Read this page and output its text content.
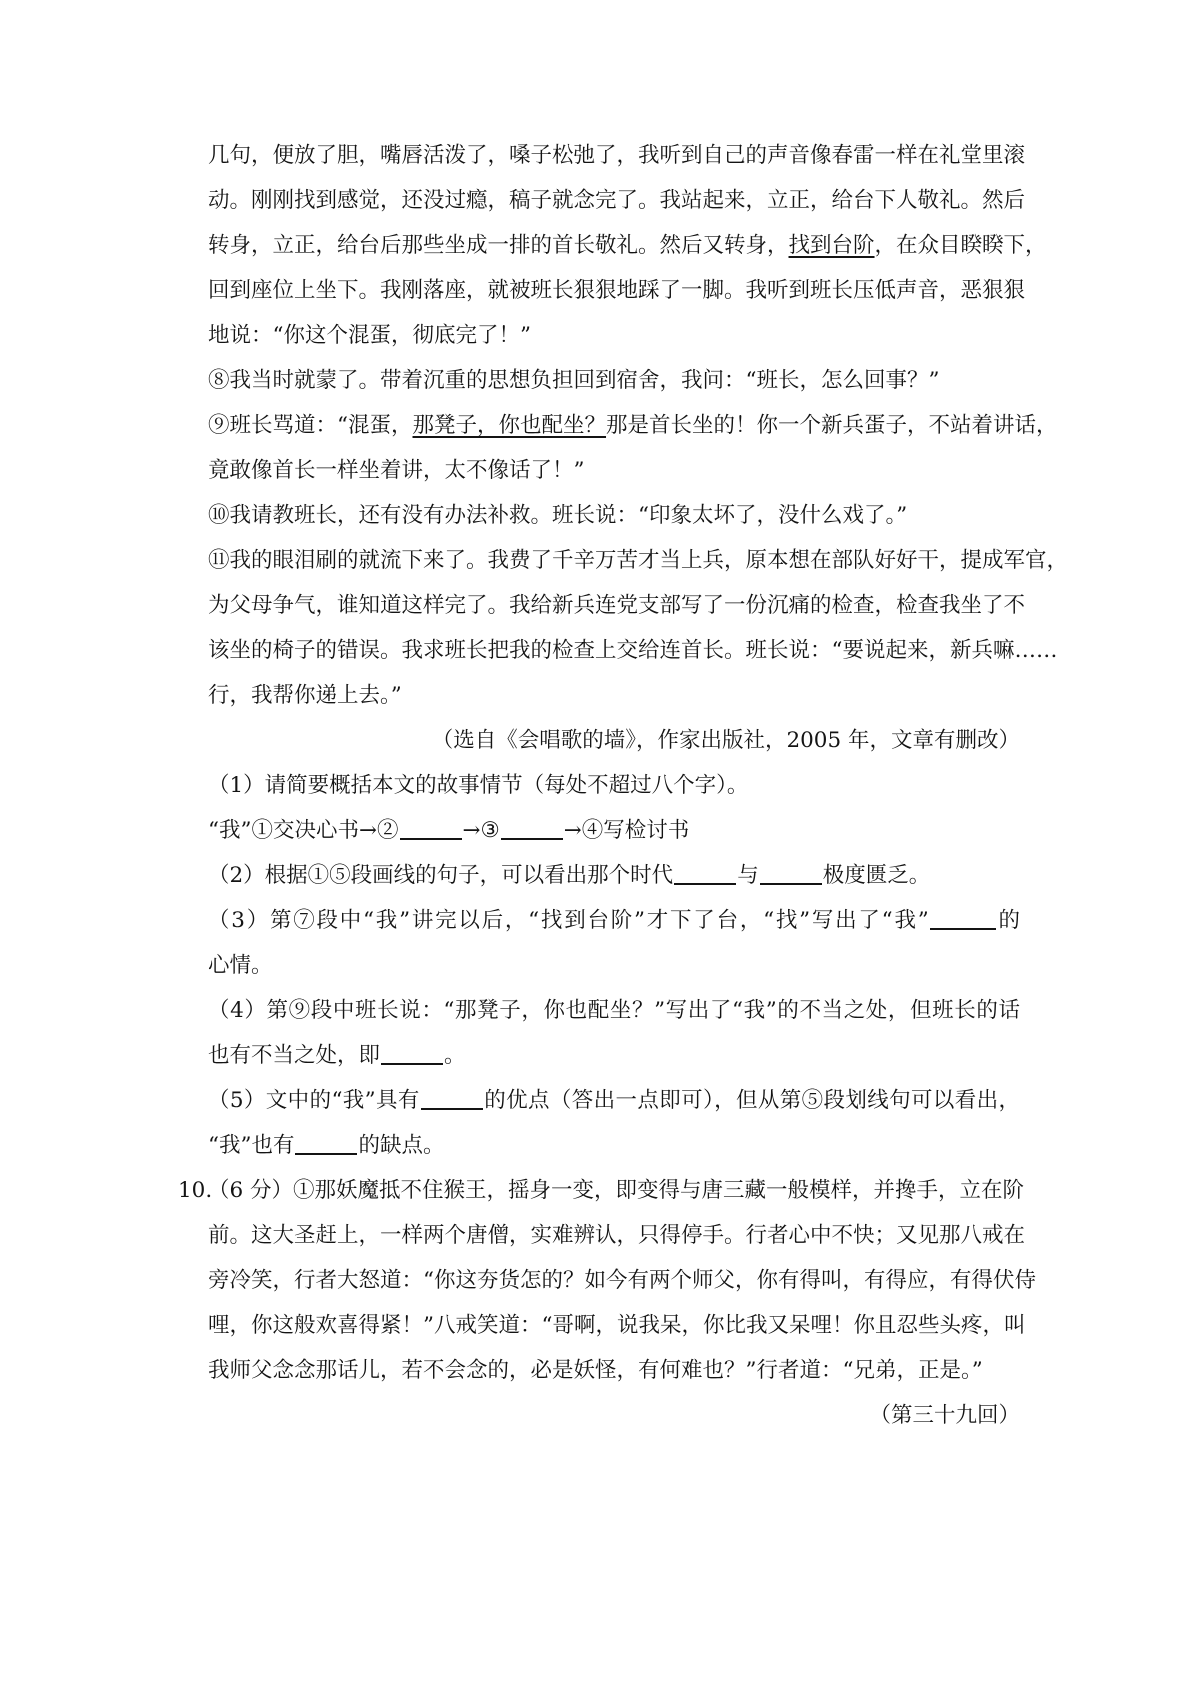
几句，便放了胆，嘴唇活泼了，嗓子松弛了，我听到自己的声音像春雷一样在礼堂里滚
动。刚刚找到感觉，还没过瘾，稿子就念完了。我站起来，立正，给台下人敬礼。然后
转身，立正，给台后那些坐成一排的首长敬礼。然后又转身，找到台阶，在众目睽睽下，
回到座位上坐下。我刚落座，就被班长狠狠地踩了一脚。我听到班长压低声音，恶狠狠
地说：“你这个混蛋，彻底完了！”
⑧我当时就蒙了。带着沉重的思想负担回到宿舍，我问：“班长，怎么回事？”
⑨班长骂道：“混蛋，那凳子，你也配坐？那是首长坐的！你一个新兵蛋子，不站着讲话，
竟敢像首长一样坐着讲，太不像话了！”
⑩我请教班长，还有没有办法补救。班长说：“印象太坏了，没什么戏了。”
⑪我的眼泪刷的就流下来了。我费了千辛万苦才当上兵，原本想在部队好好干，提成军官，
为父母争气，谁知道这样完了。我给新兵连党支部写了一份沉痛的检查，检查我坐了不
该坐的椅子的错误。我求班长把我的检查上交给连首长。班长说：“要说起来，新兵嘛……
行，我帮你递上去。”
（选自《会唱歌的墙》，作家出版社，2005 年，文章有删改）
（1）请简要概括本文的故事情节（每处不超过八个字）。
“我”①交决心书→②	→③	→④写检讨书
（2）根据①⑤段画线的句子，可以看出那个时代	与	极度匮乏。
（3）第⑦段中“我”讲完以后，“找到台阶”才下了台，“找”写出了“我”	的
心情。
（4）第⑨段中班长说：“那凳子，你也配坐？”写出了“我”的不当之处，但班长的话
也有不当之处，即	。
（5）文中的“我”具有	的优点（答出一点即可），但从第⑤段划线句可以看出，
“我”也有	的缺点。
10.
（6 分）①那妖魔抵不住猴王，摇身一变，即变得与唐三藏一般模样，并搀手，立在阶
前。这大圣赶上，一样两个唐僧，实难辨认，只得停手。行者心中不快；又见那八戒在
旁冷笑，行者大怒道：“你这夯货怎的？如今有两个师父，你有得叫，有得应，有得伏侍
哩，你这般欢喜得紧！”八戒笑道：“哥啊，说我呆，你比我又呆哩！你且忍些头疼，叫
我师父念念那话儿，若不会念的，必是妖怪，有何难也？”行者道：“兄弟，正是。”
（第三十九回）
